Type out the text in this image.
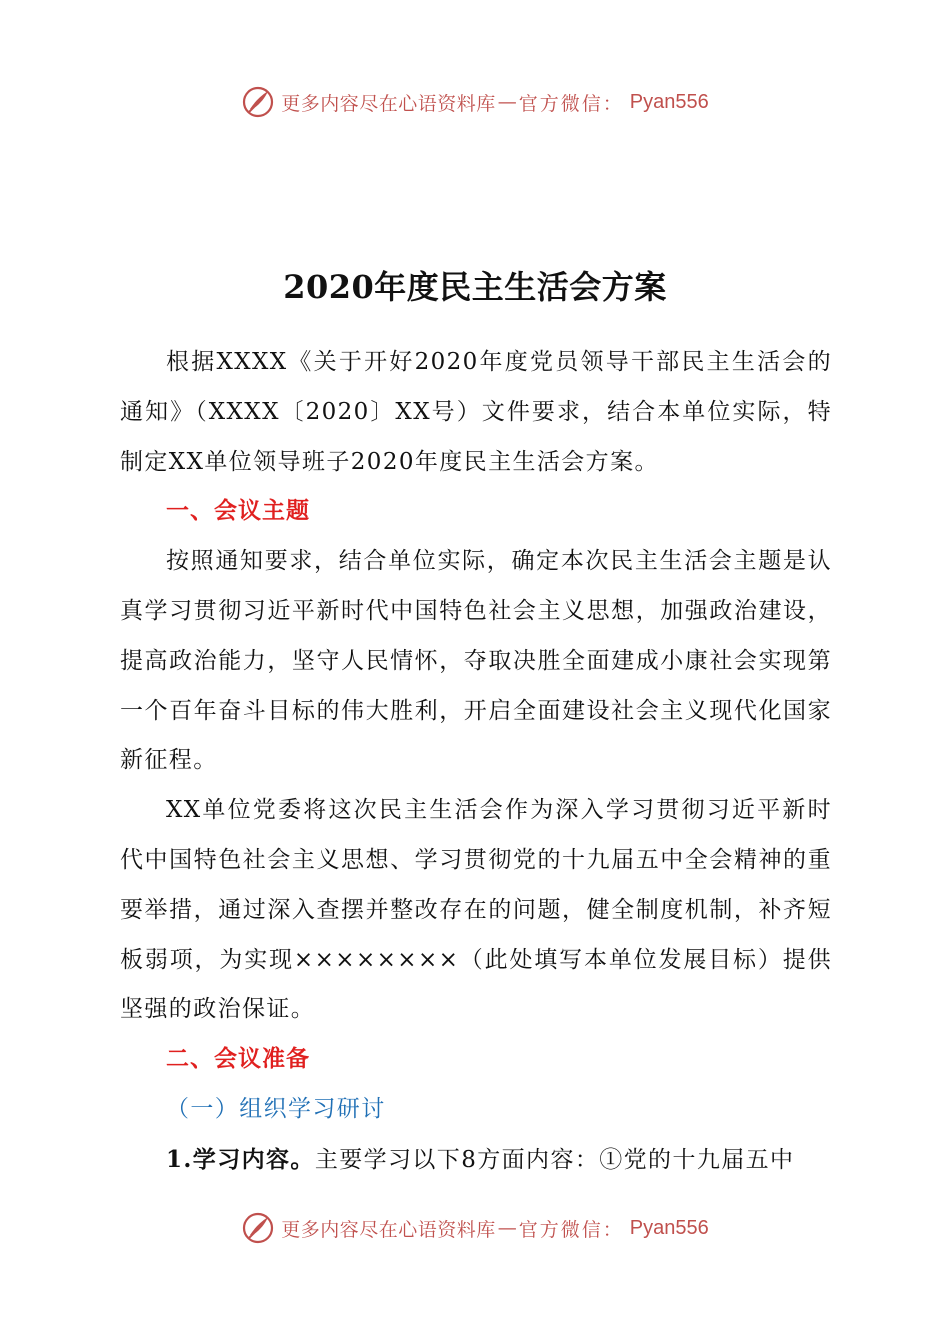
更多内容尽在心语资料库 — 官方微信： Pyan556
2020年度民主生活会方案

根据XXXX《关于开好2020年度党员领导干部民主生活会的通知》（XXXX〔2020〕XX号）文件要求，结合本单位实际，特制定XX单位领导班子2020年度民主生活会方案。

一、会议主题

按照通知要求，结合单位实际，确定本次民主生活会主题是认真学习贯彻习近平新时代中国特色社会主义思想，加强政治建设，提高政治能力，坚守人民情怀，夺取决胜全面建成小康社会实现第一个百年奋斗目标的伟大胜利，开启全面建设社会主义现代化国家新征程。

XX单位党委将这次民主生活会作为深入学习贯彻习近平新时代中国特色社会主义思想、学习贯彻党的十九届五中全会精神的重要举措，通过深入查摆并整改存在的问题，健全制度机制，补齐短板弱项，为实现××××××××（此处填写本单位发展目标）提供坚强的政治保证。

二、会议准备

（一）组织学习研讨

1.学习内容。主要学习以下8方面内容：①党的十九届五中

更多内容尽在心语资料库 — 官方微信： Pyan556
